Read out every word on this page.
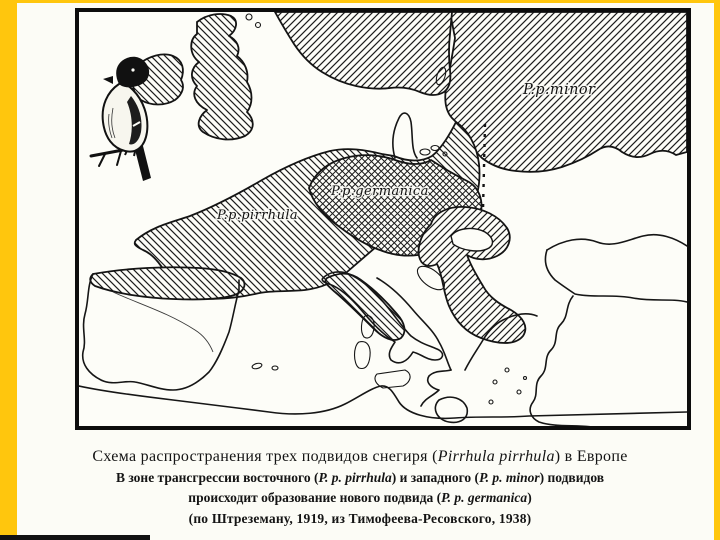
P.p.pirrhula
P.p.germanica
P.p.minor
Схема распространения трех подвидов снегиря (Pirrhula pirrhula) в Европе
В зоне трансгрессии восточного (P. p. pirrhula) и западного (P. p. minor) подвидов
происходит образование нового подвида (P. p. germanica)
(по Штреземану, 1919, из Тимофеева-Ресовского, 1938)
